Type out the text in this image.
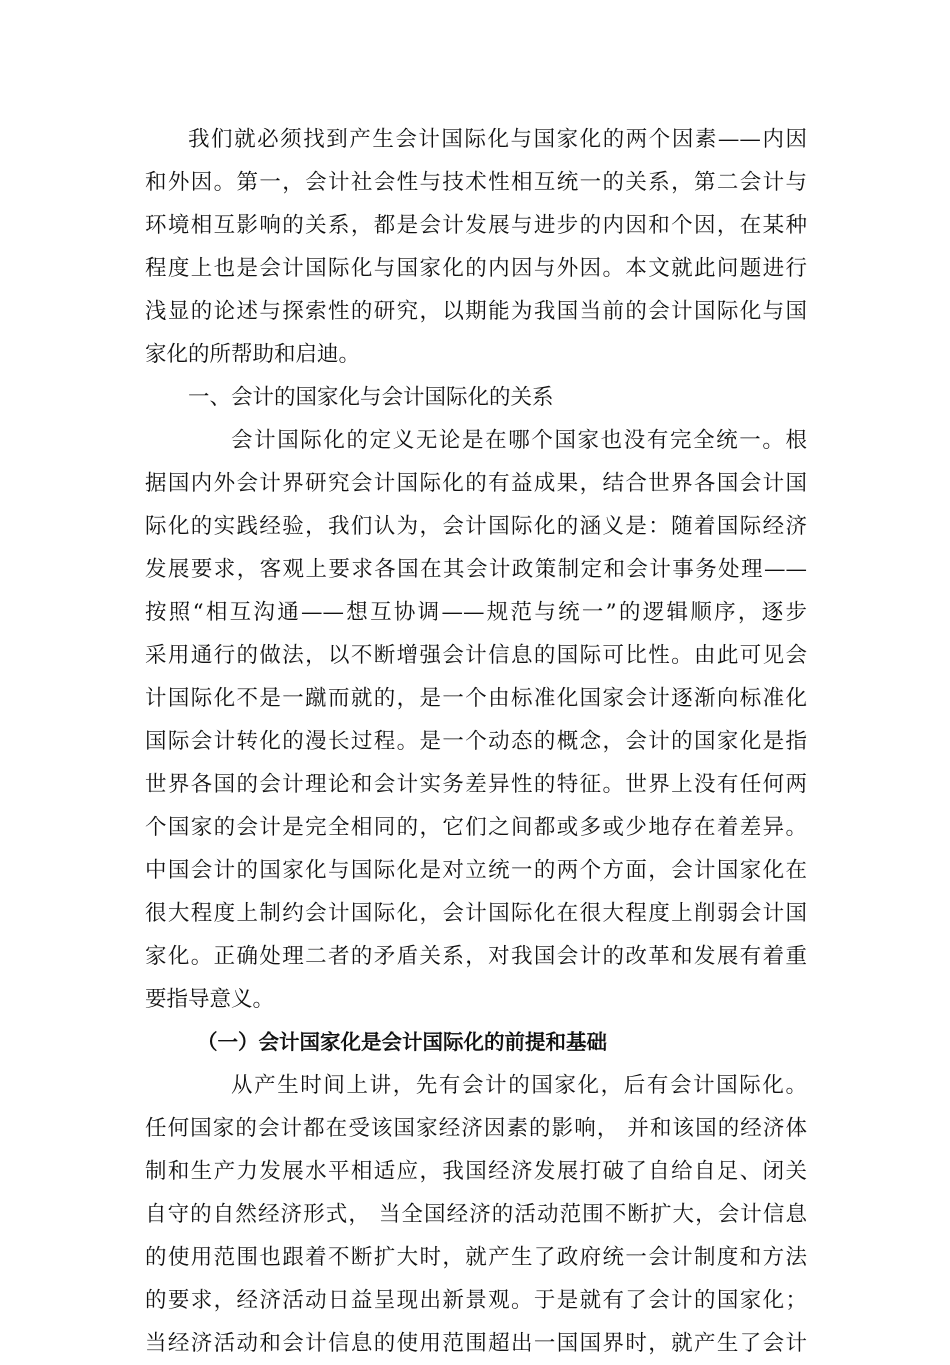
我们就必须找到产生会计国际化与国家化的两个因素——内因
和外因。第一，会计社会性与技术性相互统一的关系，第二会计与
环境相互影响的关系，都是会计发展与进步的内因和个因，在某种
程度上也是会计国际化与国家化的内因与外因。本文就此问题进行
浅显的论述与探索性的研究，以期能为我国当前的会计国际化与国
家化的所帮助和启迪。
一、会计的国家化与会计国际化的关系
会计国际化的定义无论是在哪个国家也没有完全统一。根
据国内外会计界研究会计国际化的有益成果，结合世界各国会计国
际化的实践经验，我们认为，会计国际化的涵义是：随着国际经济
发展要求，客观上要求各国在其会计政策制定和会计事务处理——
按照“相互沟通——想互协调——规范与统一”的逻辑顺序，逐步
采用通行的做法，以不断增强会计信息的国际可比性。由此可见会
计国际化不是一蹴而就的，是一个由标准化国家会计逐渐向标准化
国际会计转化的漫长过程。是一个动态的概念，会计的国家化是指
世界各国的会计理论和会计实务差异性的特征。世界上没有任何两
个国家的会计是完全相同的，它们之间都或多或少地存在着差异。
中国会计的国家化与国际化是对立统一的两个方面，会计国家化在
很大程度上制约会计国际化，会计国际化在很大程度上削弱会计国
家化。正确处理二者的矛盾关系，对我国会计的改革和发展有着重
要指导意义。
（一）会计国家化是会计国际化的前提和基础
从产生时间上讲，先有会计的国家化，后有会计国际化。
任何国家的会计都在受该国家经济因素的影响， 并和该国的经济体
制和生产力发展水平相适应，我国经济发展打破了自给自足、闭关
自守的自然经济形式， 当全国经济的活动范围不断扩大，会计信息
的使用范围也跟着不断扩大时，就产生了政府统一会计制度和方法
的要求，经济活动日益呈现出新景观。于是就有了会计的国家化；
当经济活动和会计信息的使用范围超出一国国界时，就产生了会计
